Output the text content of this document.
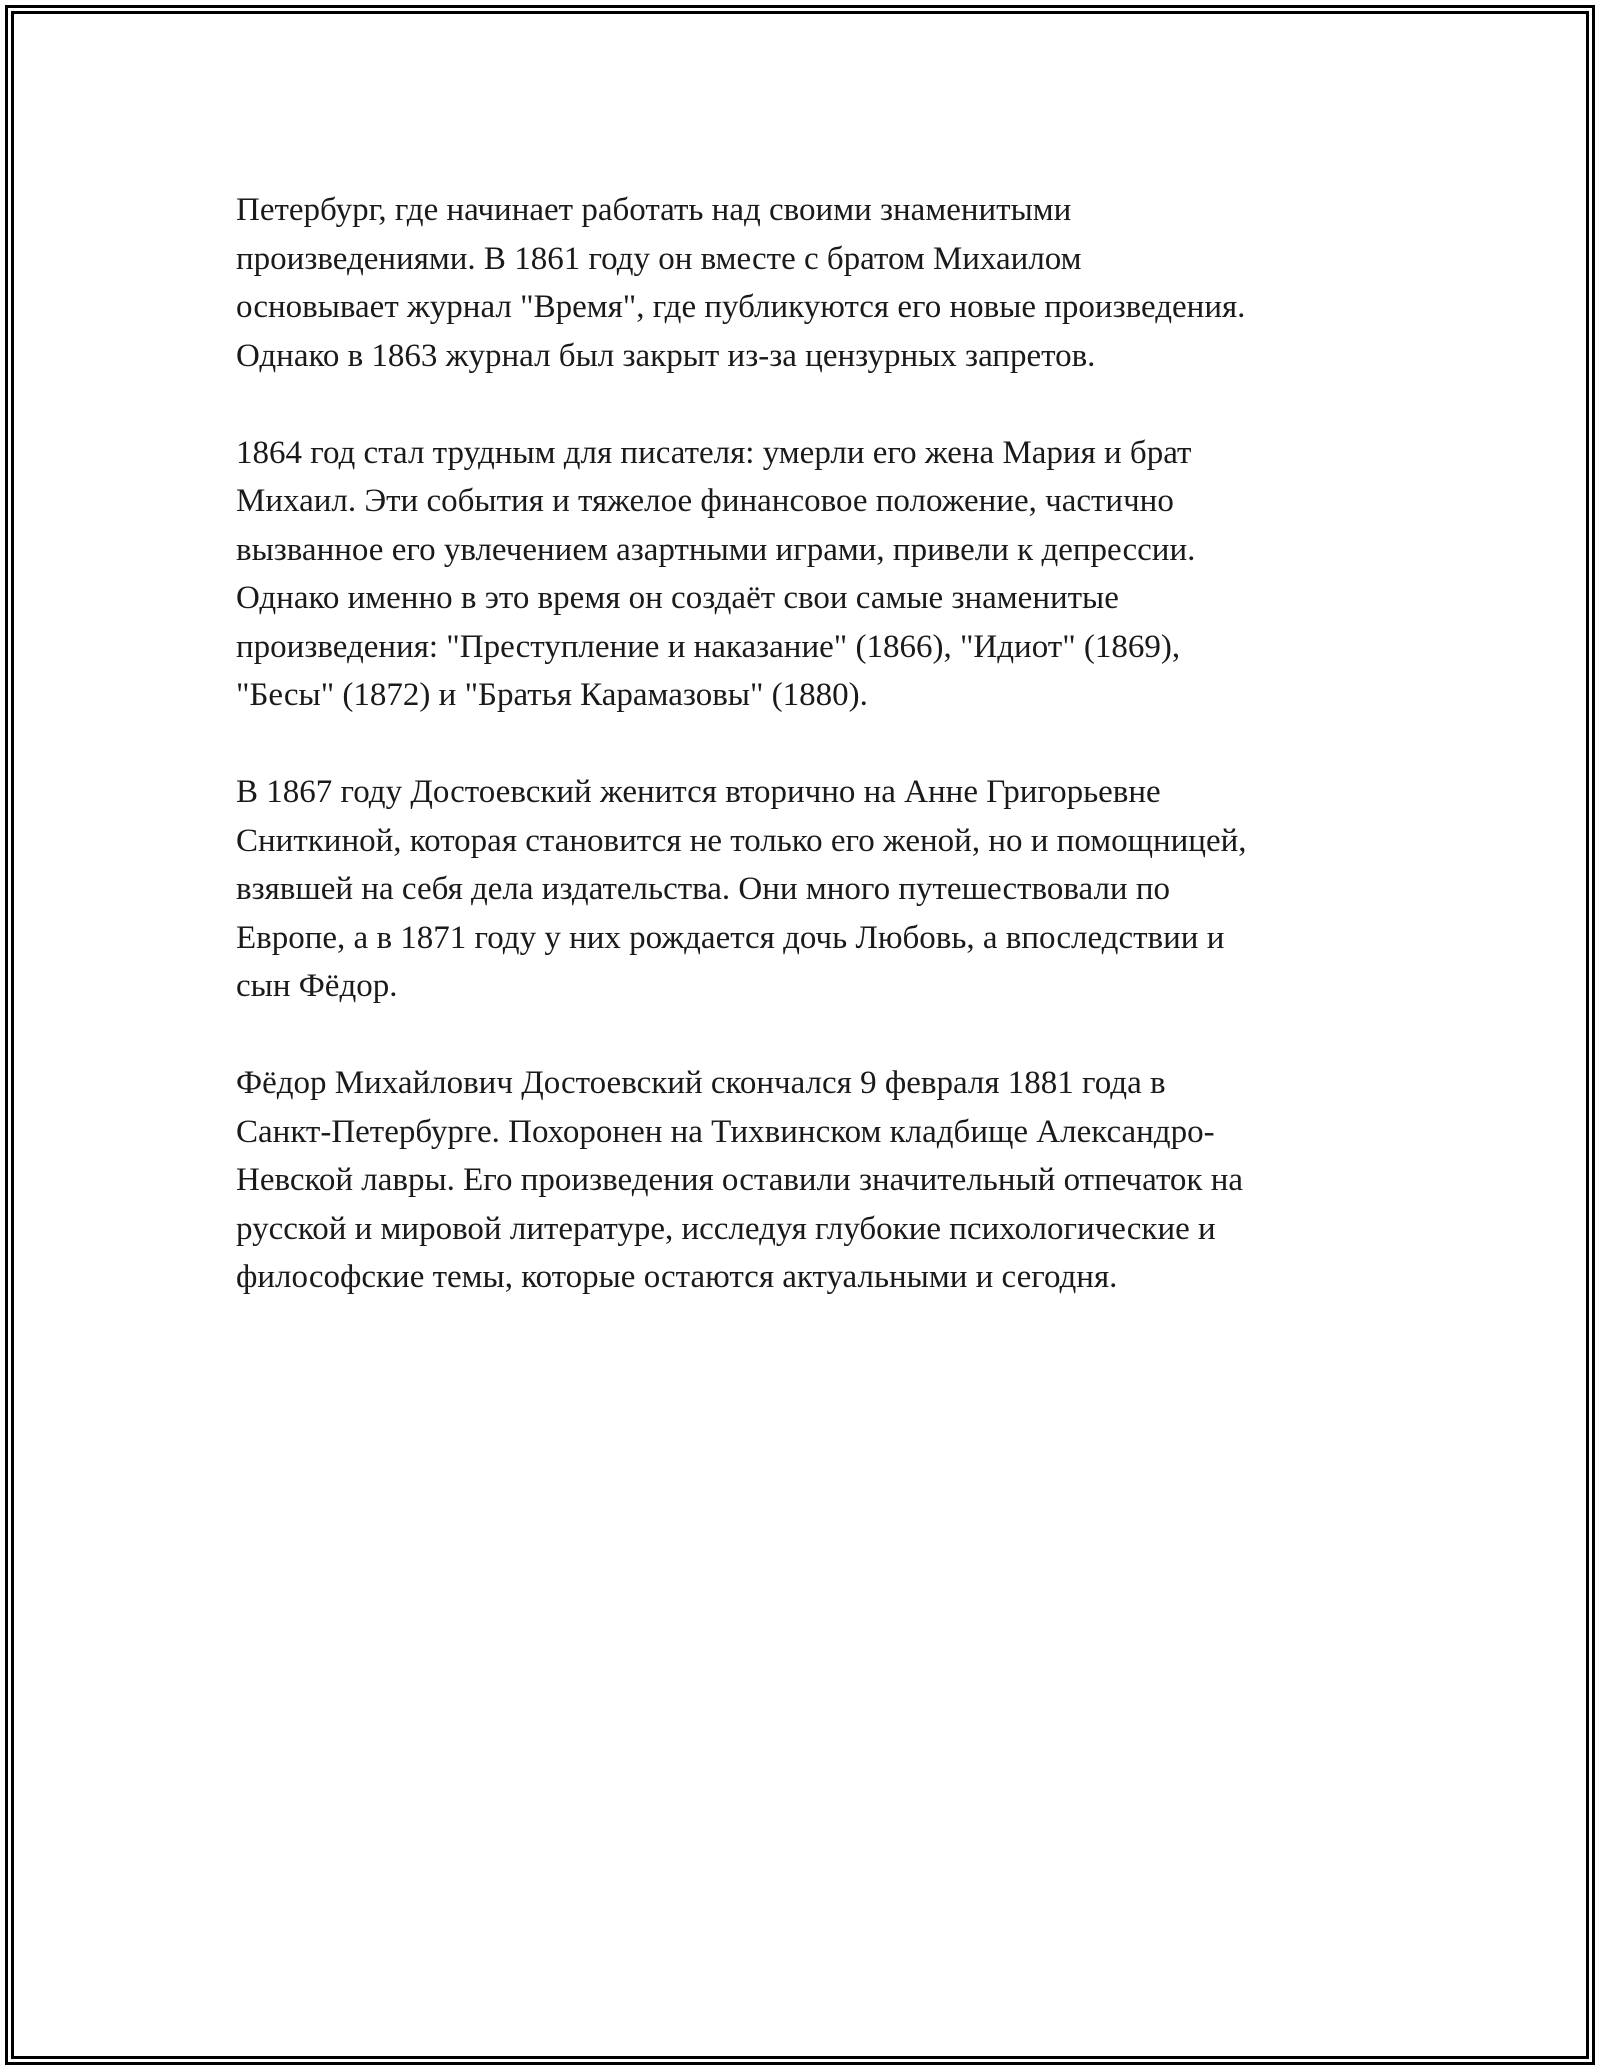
Петербург, где начинает работать над своими знаменитыми
произведениями. В 1861 году он вместе с братом Михаилом
основывает журнал "Время", где публикуются его новые произведения.
Однако в 1863 журнал был закрыт из-за цензурных запретов.

1864 год стал трудным для писателя: умерли его жена Мария и брат
Михаил. Эти события и тяжелое финансовое положение, частично
вызванное его увлечением азартными играми, привели к депрессии.
Однако именно в это время он создаёт свои самые знаменитые
произведения: "Преступление и наказание" (1866), "Идиот" (1869),
"Бесы" (1872) и "Братья Карамазовы" (1880).

В 1867 году Достоевский женится вторично на Анне Григорьевне
Сниткиной, которая становится не только его женой, но и помощницей,
взявшей на себя дела издательства. Они много путешествовали по
Европе, а в 1871 году у них рождается дочь Любовь, а впоследствии и
сын Фёдор.

Фёдор Михайлович Достоевский скончался 9 февраля 1881 года в
Санкт-Петербурге. Похоронен на Тихвинском кладбище Александро-
Невской лавры. Его произведения оставили значительный отпечаток на
русской и мировой литературе, исследуя глубокие психологические и
философские темы, которые остаются актуальными и сегодня.
